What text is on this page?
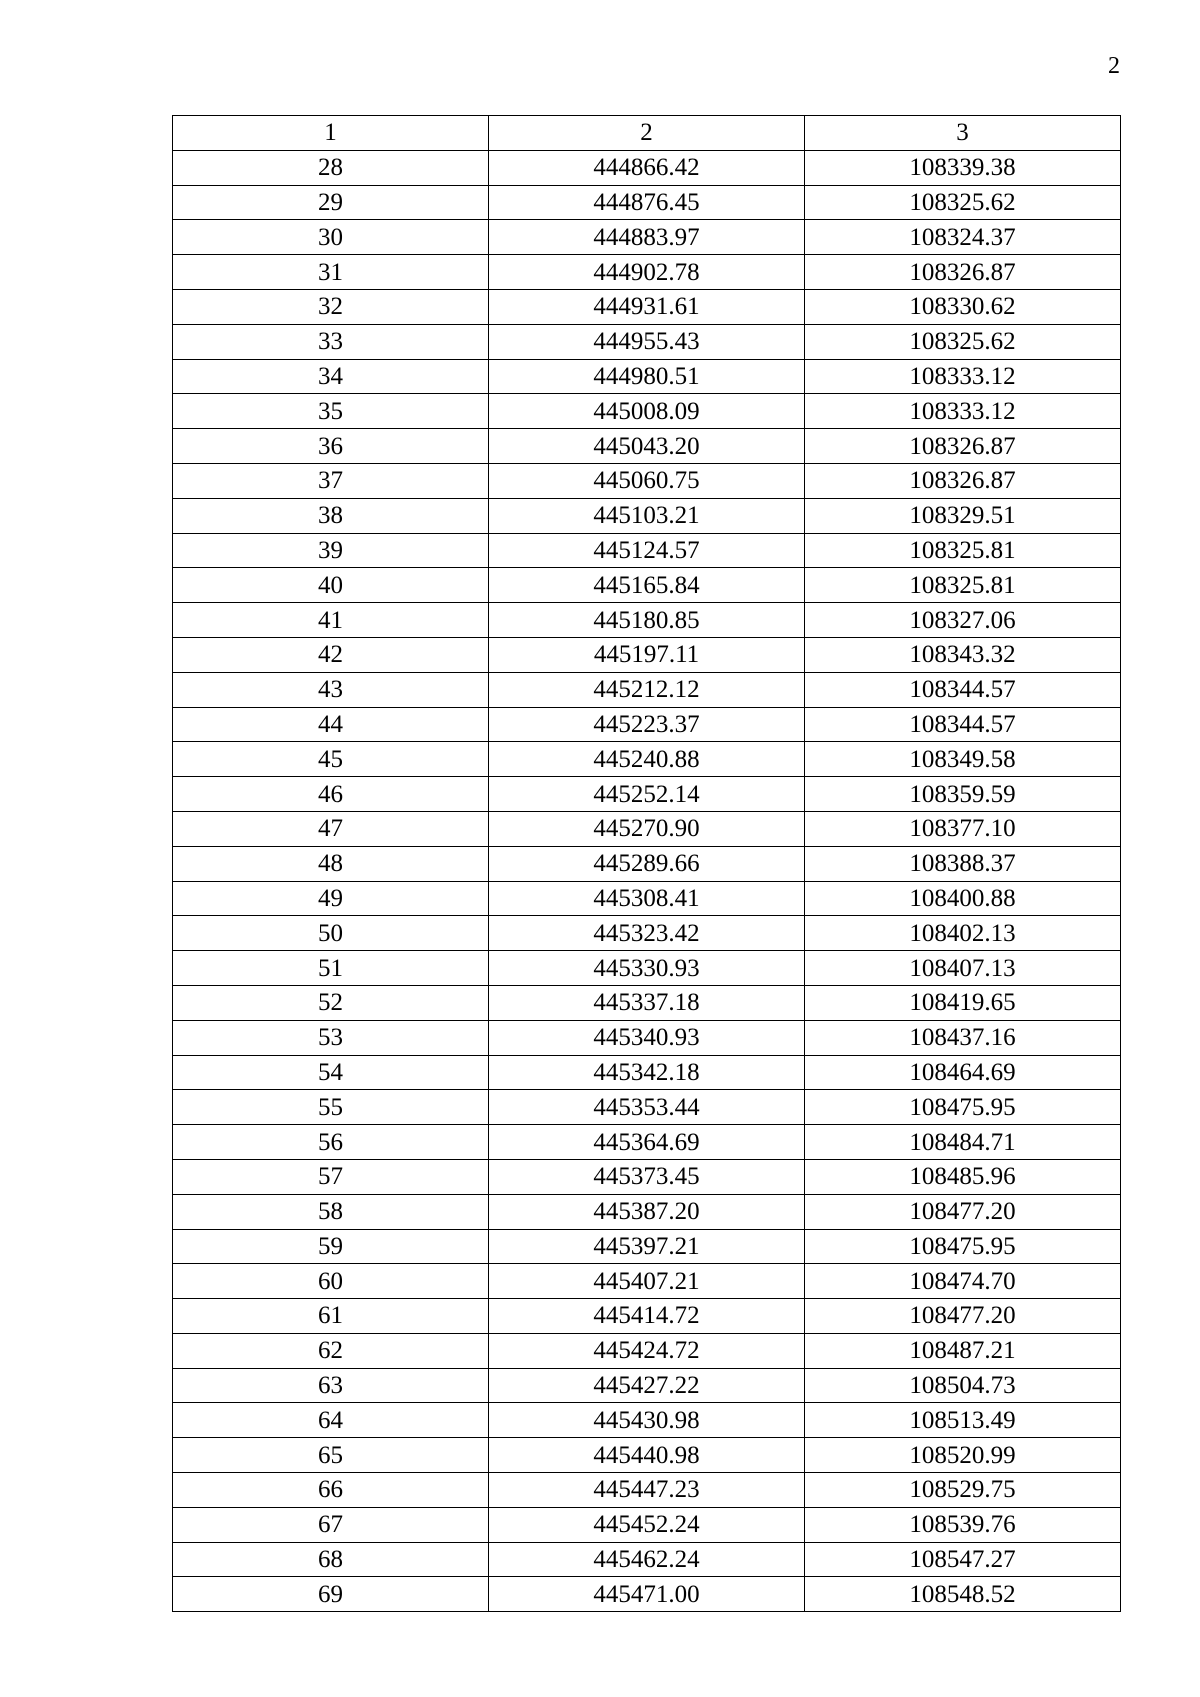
2
1	2	3
28	444866.42	108339.38
29	444876.45	108325.62
30	444883.97	108324.37
31	444902.78	108326.87
32	444931.61	108330.62
33	444955.43	108325.62
34	444980.51	108333.12
35	445008.09	108333.12
36	445043.20	108326.87
37	445060.75	108326.87
38	445103.21	108329.51
39	445124.57	108325.81
40	445165.84	108325.81
41	445180.85	108327.06
42	445197.11	108343.32
43	445212.12	108344.57
44	445223.37	108344.57
45	445240.88	108349.58
46	445252.14	108359.59
47	445270.90	108377.10
48	445289.66	108388.37
49	445308.41	108400.88
50	445323.42	108402.13
51	445330.93	108407.13
52	445337.18	108419.65
53	445340.93	108437.16
54	445342.18	108464.69
55	445353.44	108475.95
56	445364.69	108484.71
57	445373.45	108485.96
58	445387.20	108477.20
59	445397.21	108475.95
60	445407.21	108474.70
61	445414.72	108477.20
62	445424.72	108487.21
63	445427.22	108504.73
64	445430.98	108513.49
65	445440.98	108520.99
66	445447.23	108529.75
67	445452.24	108539.76
68	445462.24	108547.27
69	445471.00	108548.52
